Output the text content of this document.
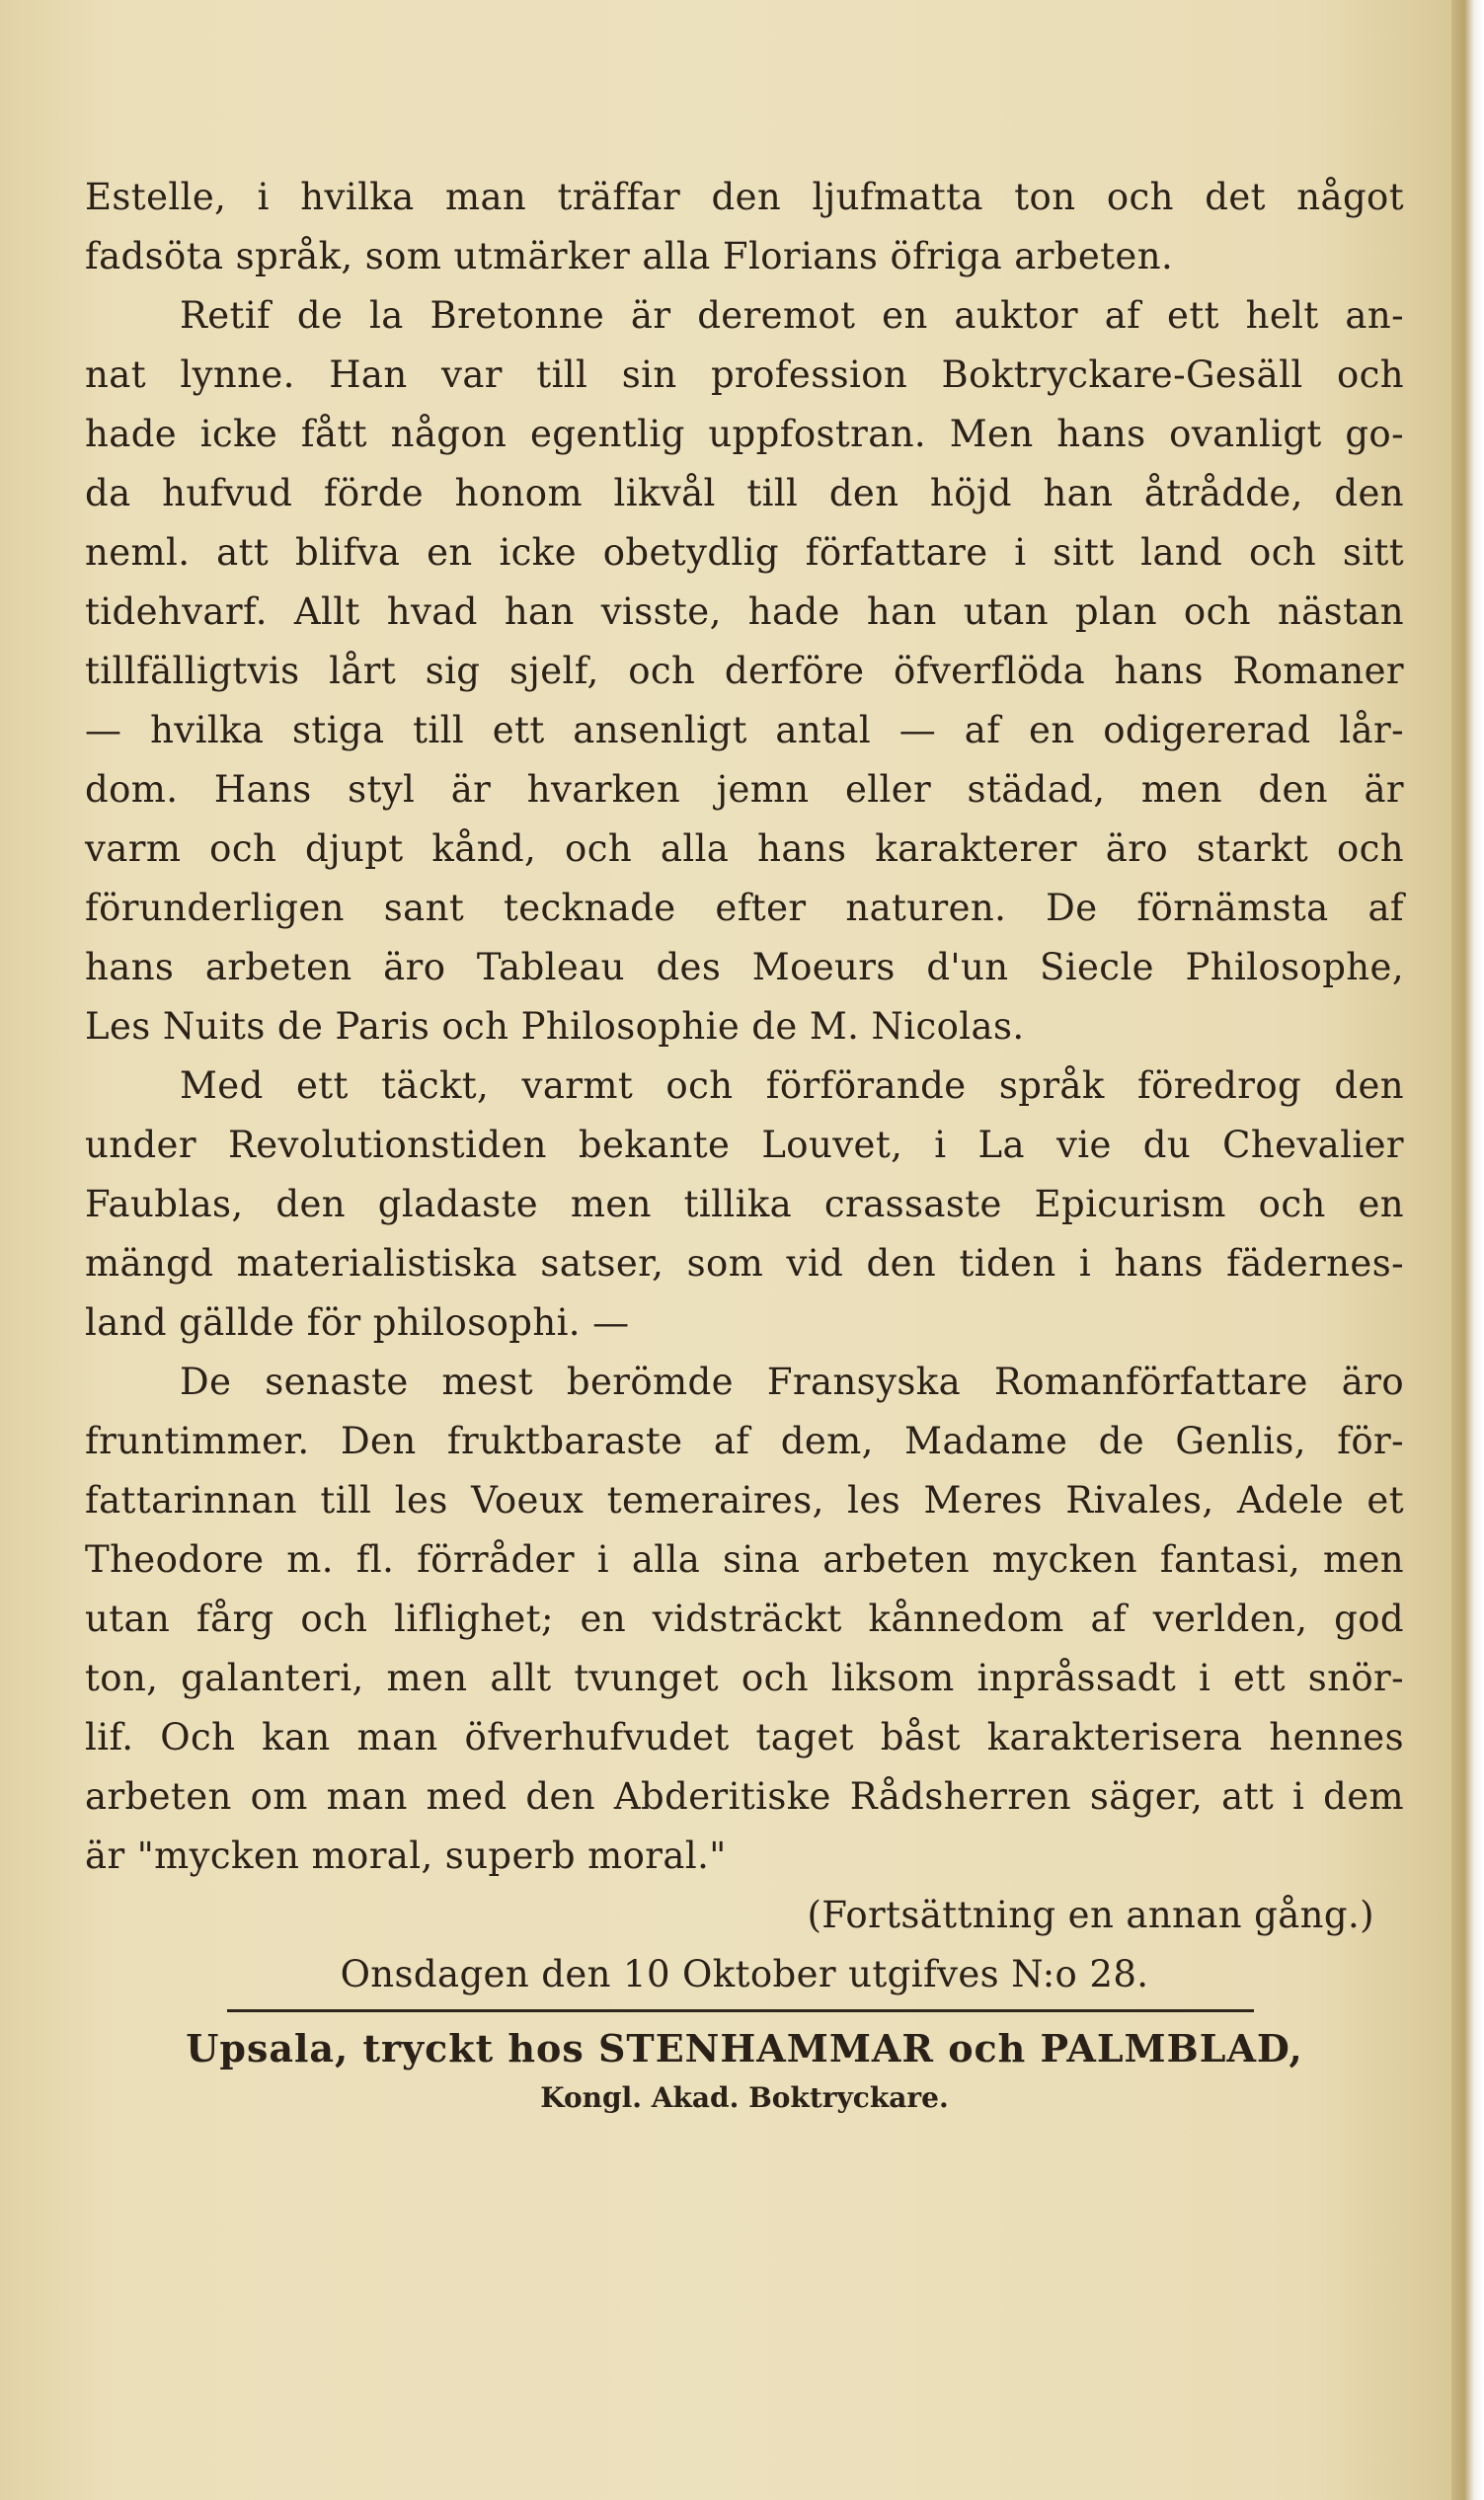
Estelle, i hvilka man träffar den ljufmatta ton och det något
fadsöta språk, som utmärker alla Florians öfriga arbeten.
Retif de la Bretonne är deremot en auktor af ett helt an-
nat lynne. Han var till sin profession Boktryckare-Gesäll och
hade icke fått någon egentlig uppfostran. Men hans ovanligt go-
da hufvud förde honom likvål till den höjd han åtrådde, den
neml. att blifva en icke obetydlig författare i sitt land och sitt
tidehvarf. Allt hvad han visste, hade han utan plan och nästan
tillfälligtvis lårt sig sjelf, och derföre öfverflöda hans Romaner
— hvilka stiga till ett ansenligt antal — af en odigererad lår-
dom. Hans styl är hvarken jemn eller städad, men den är
varm och djupt kånd, och alla hans karakterer äro starkt och
förunderligen sant tecknade efter naturen. De förnämsta af
hans arbeten äro Tableau des Moeurs d'un Siecle Philosophe,
Les Nuits de Paris och Philosophie de M. Nicolas.
Med ett täckt, varmt och förförande språk föredrog den
under Revolutionstiden bekante Louvet, i La vie du Chevalier
Faublas, den gladaste men tillika crassaste Epicurism och en
mängd materialistiska satser, som vid den tiden i hans fädernes-
land gällde för philosophi. —
De senaste mest berömde Fransyska Romanförfattare äro
fruntimmer. Den fruktbaraste af dem, Madame de Genlis, för-
fattarinnan till les Voeux temeraires, les Meres Rivales, Adele et
Theodore m. fl. förråder i alla sina arbeten mycken fantasi, men
utan fårg och liflighet; en vidsträckt kånnedom af verlden, god
ton, galanteri, men allt tvunget och liksom inpråssadt i ett snör-
lif. Och kan man öfverhufvudet taget båst karakterisera hennes
arbeten om man med den Abderitiske Rådsherren säger, att i dem
är "mycken moral, superb moral."
(Fortsättning en annan gång.)
Onsdagen den 10 Oktober utgifves N:o 28.
Upsala, tryckt hos STENHAMMAR och PALMBLAD,
Kongl. Akad. Boktryckare.
